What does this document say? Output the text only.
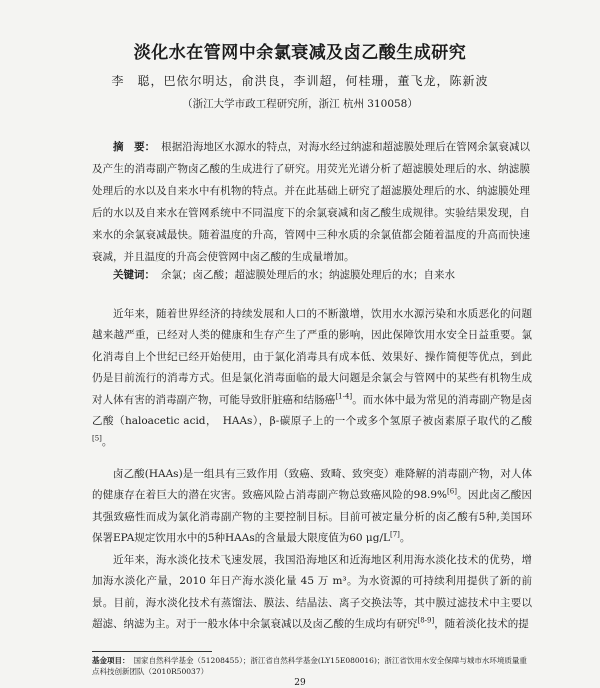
淡化水在管网中余氯衰减及卤乙酸生成研究
李　聪，巴依尔明达，俞洪良，李训超，何桂珊，董飞龙，陈新波
（浙江大学市政工程研究所，浙江 杭州 310058）
摘　要： 根据沿海地区水源水的特点，对海水经过纳滤和超滤膜处理后在管网余氯衰减以及产生的消毒副产物卤乙酸的生成进行了研究。用荧光光谱分析了超滤膜处理后的水、纳滤膜处理后的水以及自来水中有机物的特点。并在此基础上研究了超滤膜处理后的水、纳滤膜处理后的水以及自来水在管网系统中不同温度下的余氯衰减和卤乙酸生成规律。实验结果发现，自来水的余氯衰减最快。随着温度的升高，管网中三种水质的余氯值都会随着温度的升高而快速衰减，并且温度的升高会使管网中卤乙酸的生成量增加。
关键词： 余氯；卤乙酸；超滤膜处理后的水；纳滤膜处理后的水；自来水
近年来，随着世界经济的持续发展和人口的不断激增，饮用水水源污染和水质恶化的问题越来越严重，已经对人类的健康和生存产生了严重的影响，因此保障饮用水安全日益重要。氯化消毒自上个世纪已经开始使用，由于氯化消毒具有成本低、效果好、操作简便等优点，到此仍是目前流行的消毒方式。但是氯化消毒面临的最大问题是余氯会与管网中的某些有机物生成对人体有害的消毒副产物，可能导致肝脏癌和结肠癌[1-4]。而水体中最为常见的消毒副产物是卤乙酸（haloacetic acid，　HAAs），β-碳原子上的一个或多个氢原子被卤素原子取代的乙酸[5]。
卤乙酸(HAAs)是一组具有三致作用（致癌、致畸、致突变）难降解的消毒副产物，对人体的健康存在着巨大的潜在灾害。致癌风险占消毒副产物总致癌风险的98.9%[6]。因此卤乙酸因其强致癌性而成为氯化消毒副产物的主要控制目标。目前可被定量分析的卤乙酸有5种,美国环保署EPA规定饮用水中的5种HAAs的含量最大限度值为60 μg/L[7]。
近年来，海水淡化技术飞速发展，我国沿海地区和近海地区利用海水淡化技术的优势，增加海水淡化产量，2010 年日产海水淡化量 45 万 m³。为水资源的可持续利用提供了新的前景。目前，海水淡化技术有蒸馏法、膜法、结晶法、离子交换法等，其中膜过滤技术中主要以超滤、纳滤为主。对于一般水体中余氯衰减以及卤乙酸的生成均有研究[8-9]，随着淡化技术的提
基金项目： 国家自然科学基金（51208455）；浙江省自然科学基金(LY15E080016)；浙江省饮用水安全保障与城市水环境质量重点科技创新团队（2010R50037）
29
